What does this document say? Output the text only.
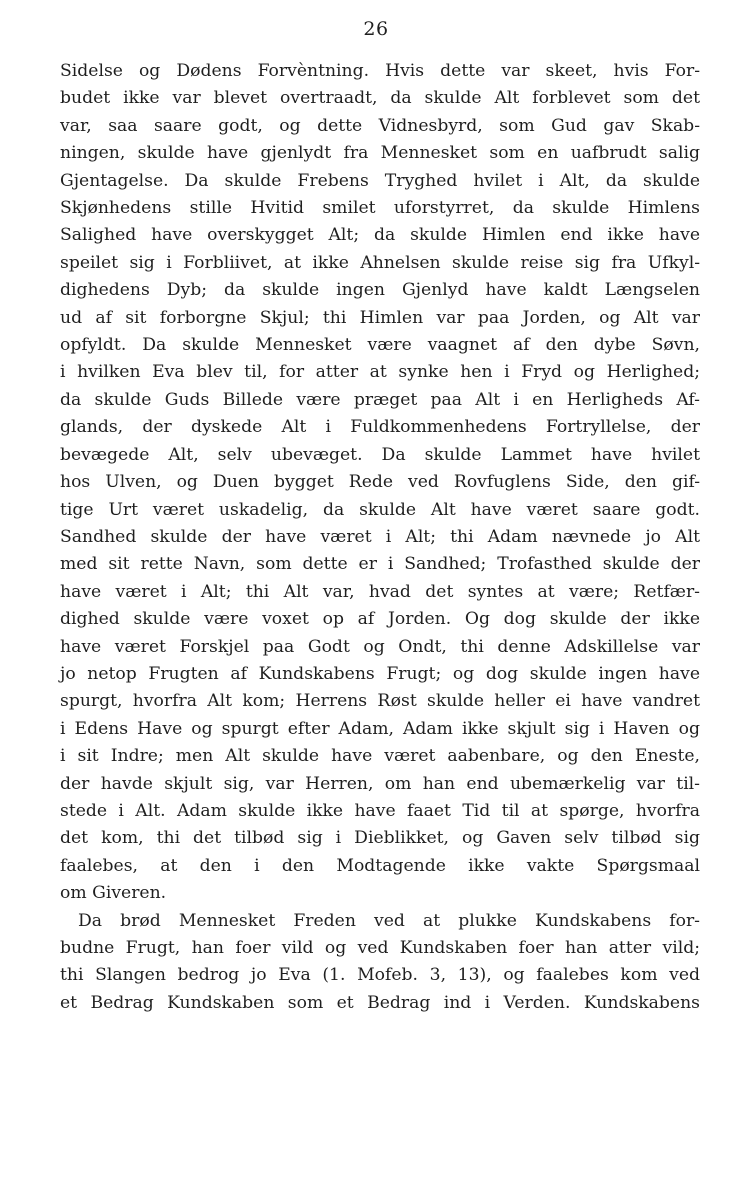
26
Sidelse og Dødens Forvèntning. Hvis dette var skeet, hvis For-
budet ikke var blevet overtraadt, da skulde Alt forblevet som det
var, saa saare godt, og dette Vidnesbyrd, som Gud gav Skab-
ningen, skulde have gjenlydt fra Mennesket som en uafbrudt salig
Gjentagelse. Da skulde Frebens Tryghed hvilet i Alt, da skulde
Skjønhedens stille Hvitid smilet uforstyrret, da skulde Himlens
Salighed have overskygget Alt; da skulde Himlen end ikke have
speilet sig i Forbliivet, at ikke Ahnelsen skulde reise sig fra Ufkyl-
dighedens Dyb; da skulde ingen Gjenlyd have kaldt Længselen
ud af sit forborgne Skjul; thi Himlen var paa Jorden, og Alt var
opfyldt. Da skulde Mennesket være vaagnet af den dybe Søvn,
i hvilken Eva blev til, for atter at synke hen i Fryd og Herlighed;
da skulde Guds Billede være præget paa Alt i en Herligheds Af-
glands, der dyskede Alt i Fuldkommenhedens Fortryllelse, der
bevægede Alt, selv ubevæget. Da skulde Lammet have hvilet
hos Ulven, og Duen bygget Rede ved Rovfuglens Side, den gif-
tige Urt været uskadelig, da skulde Alt have været saare godt.
Sandhed skulde der have været i Alt; thi Adam nævnede jo Alt
med sit rette Navn, som dette er i Sandhed; Trofasthed skulde der
have været i Alt; thi Alt var, hvad det syntes at være; Retfær-
dighed skulde være voxet op af Jorden. Og dog skulde der ikke
have været Forskjel paa Godt og Ondt, thi denne Adskillelse var
jo netop Frugten af Kundskabens Frugt; og dog skulde ingen have
spurgt, hvorfra Alt kom; Herrens Røst skulde heller ei have vandret
i Edens Have og spurgt efter Adam, Adam ikke skjult sig i Haven og
i sit Indre; men Alt skulde have været aabenbare, og den Eneste,
der havde skjult sig, var Herren, om han end ubemærkelig var til-
stede i Alt. Adam skulde ikke have faaet Tid til at spørge, hvorfra
det kom, thi det tilbød sig i Dieblikket, og Gaven selv tilbød sig
faalebes, at den i den Modtagende ikke vakte Spørgsmaal
om Giveren.
Da brød Mennesket Freden ved at plukke Kundskabens for-
budne Frugt, han foer vild og ved Kundskaben foer han atter vild;
thi Slangen bedrog jo Eva (1. Mofeb. 3, 13), og faalebes kom ved
et Bedrag Kundskaben som et Bedrag ind i Verden. Kundskabens
